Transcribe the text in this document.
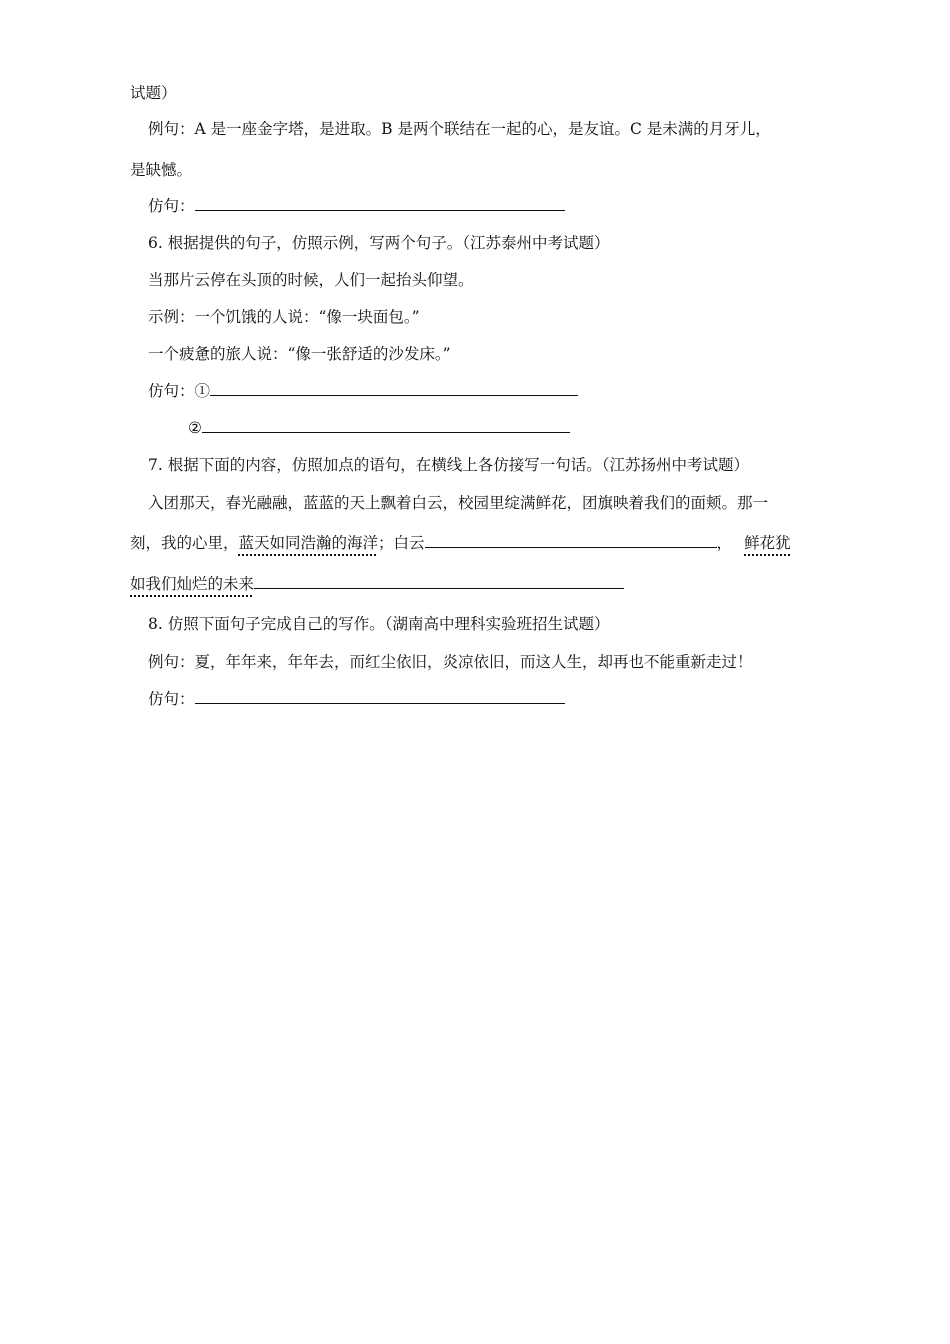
试题）
例句：A 是一座金字塔，是进取。B 是两个联结在一起的心，是友谊。C 是未满的月牙儿，
是缺憾。
仿句：
6. 根据提供的句子，仿照示例，写两个句子。（江苏泰州中考试题）
当那片云停在头顶的时候，人们一起抬头仰望。
示例：一个饥饿的人说：“像一块面包。”
一个疲惫的旅人说：“像一张舒适的沙发床。”
仿句：①
②
7. 根据下面的内容，仿照加点的语句，在横线上各仿接写一句话。（江苏扬州中考试题）
入团那天，春光融融，蓝蓝的天上飘着白云，校园里绽满鲜花，团旗映着我们的面颊。那一
刻，我的心里，蓝天如同浩瀚的海洋；白云	， 鲜花犹
如我们灿烂的未来
8. 仿照下面句子完成自己的写作。（湖南高中理科实验班招生试题）
例句：夏，年年来，年年去，而红尘依旧，炎凉依旧，而这人生，却再也不能重新走过！
仿句：
